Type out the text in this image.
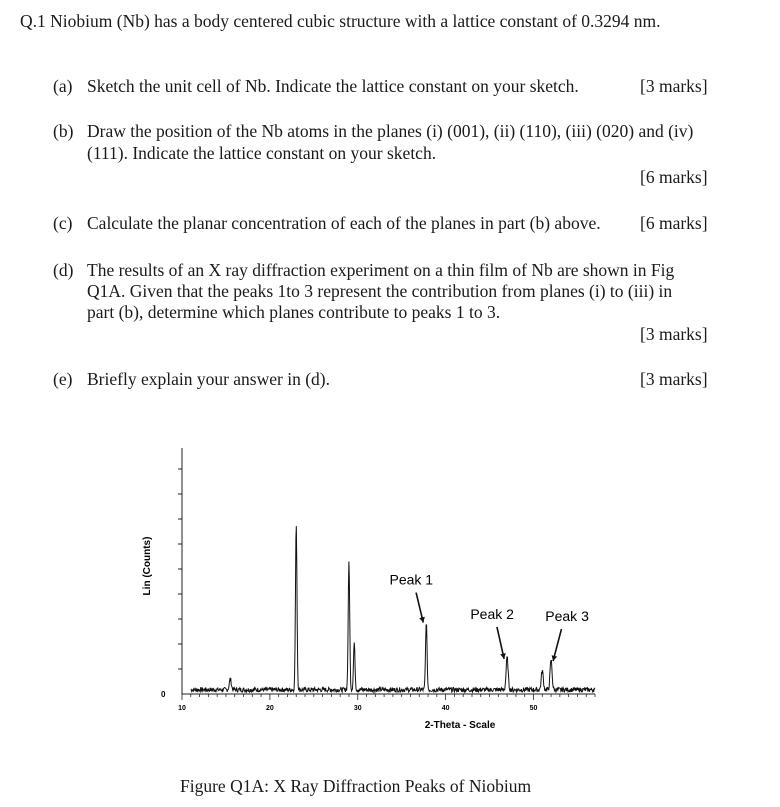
Q.1 Niobium (Nb) has a body centered cubic structure with a lattice constant of 0.3294 nm.
(a) Sketch the unit cell of Nb. Indicate the lattice constant on your sketch.	[3 marks]
(b) Draw the position of the Nb atoms in the planes (i) (001), (ii) (110), (iii) (020) and (iv)
(111). Indicate the lattice constant on your sketch.
[6 marks]
(c) Calculate the planar concentration of each of the planes in part (b) above. [6 marks]
(d) The results of an X ray diffraction experiment on a thin film of Nb are shown in Fig
Q1A. Given that the peaks 1to 3 represent the contribution from planes (i) to (iii) in
part (b), determine which planes contribute to peaks 1 to 3.
[3 marks]
(e) Briefly explain your answer in (d).	[3 marks]
10	20	30	40	50
Lin (Counts)
0
2-Theta - Scale
Peak 1
Peak 2 Peak 3
Figure Q1A: X Ray Diffraction Peaks of Niobium
